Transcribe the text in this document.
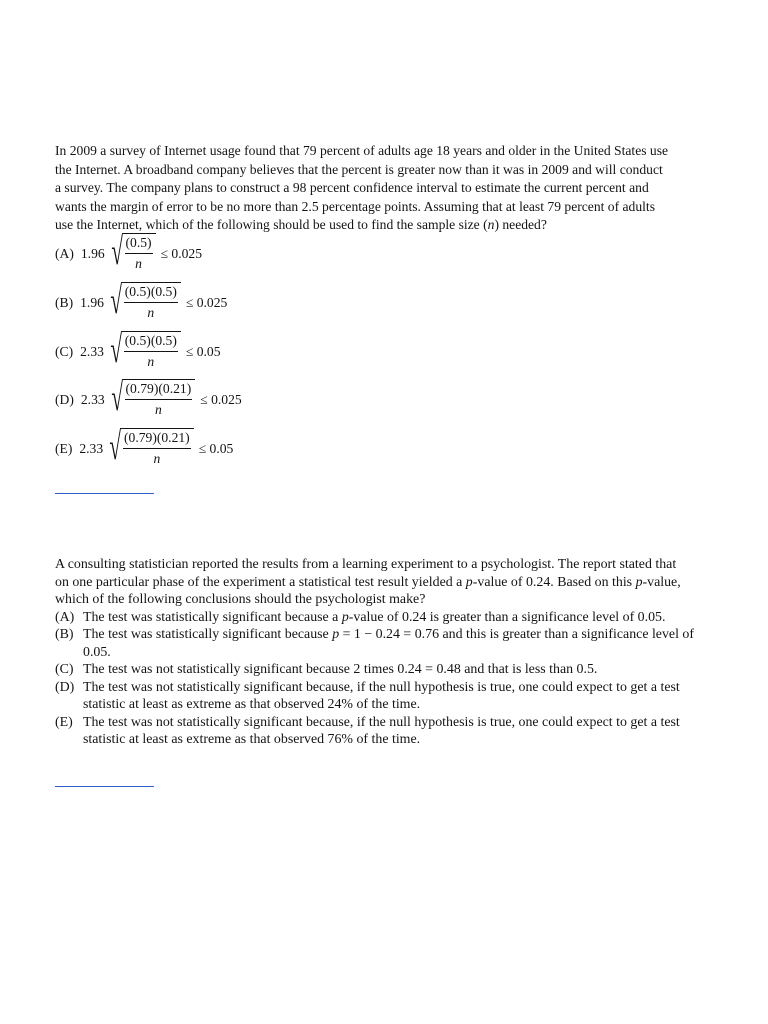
In 2009 a survey of Internet usage found that 79 percent of adults age 18 years and older in the United States use

the Internet. A broadband company believes that the percent is greater now than it was in 2009 and will conduct

a survey. The company plans to construct a 98 percent confidence interval to estimate the current percent and

wants the margin of error to be no more than 2.5 percentage points. Assuming that at least 79 percent of adults

use the Internet, which of the following should be used to find the sample size (n) needed?

(A) 1.96 √ $\frac{(0.5)}{n} \le 0.025$
(B) 1.96 √ $\frac{(0.5)(0.5)}{n} \le 0.025$
(C) 2.33 √ $\frac{(0.5)(0.5)}{n} \le 0.05$
(D) 2.33 √ $\frac{(0.79)(0.21)}{n} \le 0.025$
(E) 2.33 √ $\frac{(0.79)(0.21)}{n} \le 0.05$

A consulting statistician reported the results from a learning experiment to a psychologist. The report stated that

on one particular phase of the experiment a statistical test result yielded a p-value of 0.24. Based on this p-value,

which of the following conclusions should the psychologist make?

(A) The test was statistically significant because a p-value of 0.24 is greater than a significance level of 0.05.

(B) The test was statistically significant because p = 1 − 0.24 = 0.76 and this is greater than a significance level of 0.05.

(C) The test was not statistically significant because 2 times 0.24 = 0.48 and that is less than 0.5.

(D) The test was not statistically significant because, if the null hypothesis is true, one could expect to get a test statistic at least as extreme as that observed 24% of the time.

(E) The test was not statistically significant because, if the null hypothesis is true, one could expect to get a test statistic at least as extreme as that observed 76% of the time.
